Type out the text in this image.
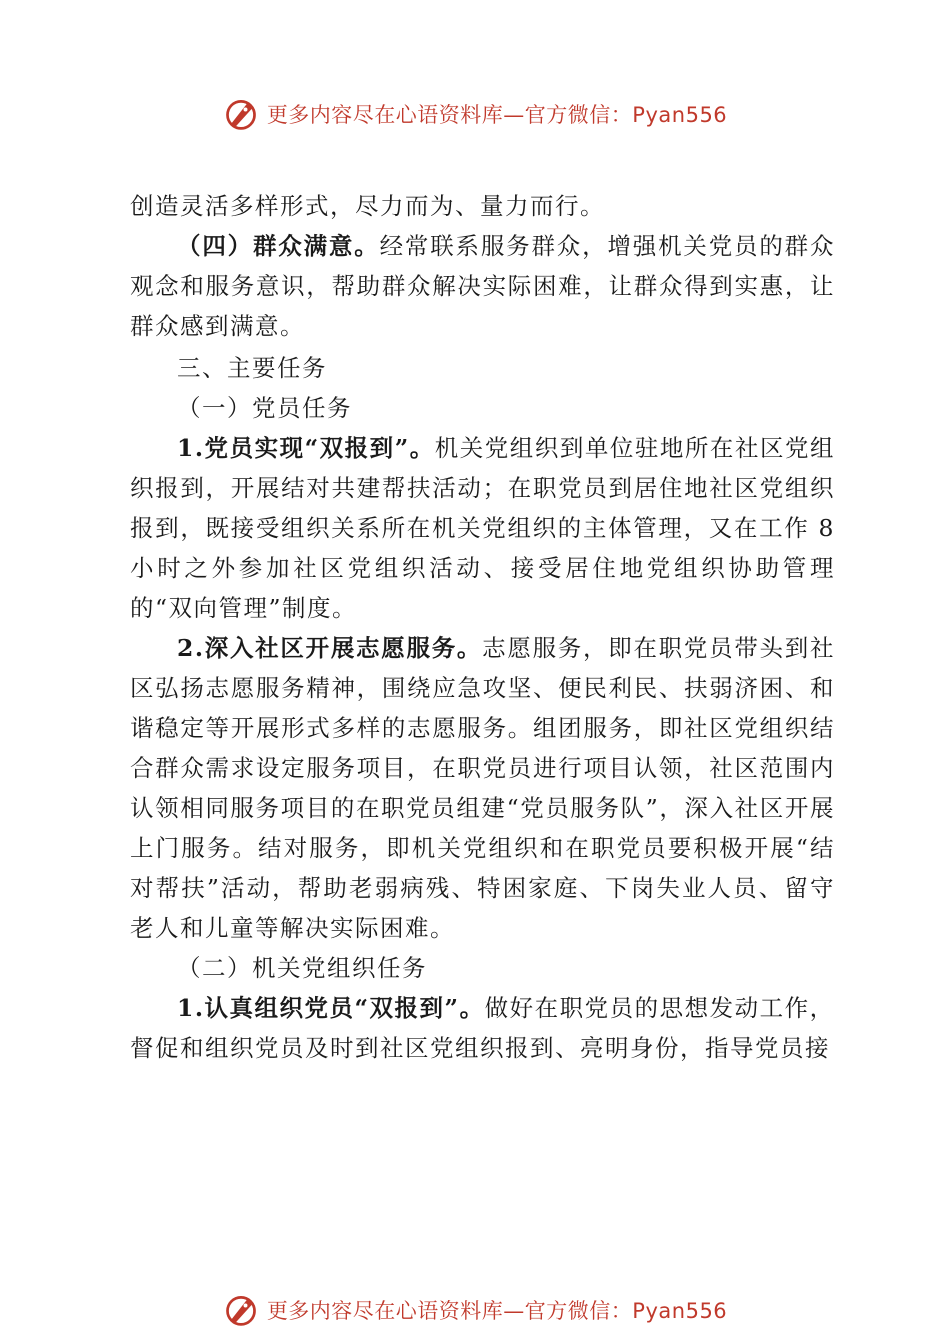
更多内容尽在心语资料库—官方微信：Pyan556

创造灵活多样形式，尽力而为、量力而行。

（四）群众满意。经常联系服务群众，增强机关党员的群众观念和服务意识，帮助群众解决实际困难，让群众得到实惠，让群众感到满意。

三、主要任务

（一）党员任务

1.党员实现“双报到”。机关党组织到单位驻地所在社区党组织报到，开展结对共建帮扶活动；在职党员到居住地社区党组织报到，既接受组织关系所在机关党组织的主体管理，又在工作 8小时之外参加社区党组织活动、接受居住地党组织协助管理的“双向管理”制度。

2.深入社区开展志愿服务。志愿服务，即在职党员带头到社区弘扬志愿服务精神，围绕应急攻坚、便民利民、扶弱济困、和谐稳定等开展形式多样的志愿服务。组团服务，即社区党组织结合群众需求设定服务项目，在职党员进行项目认领，社区范围内认领相同服务项目的在职党员组建“党员服务队”，深入社区开展上门服务。结对服务，即机关党组织和在职党员要积极开展“结对帮扶”活动，帮助老弱病残、特困家庭、下岗失业人员、留守老人和儿童等解决实际困难。

（二）机关党组织任务

1.认真组织党员“双报到”。做好在职党员的思想发动工作，

督促和组织党员及时到社区党组织报到、亮明身份，指导党员接

更多内容尽在心语资料库—官方微信：Pyan556
